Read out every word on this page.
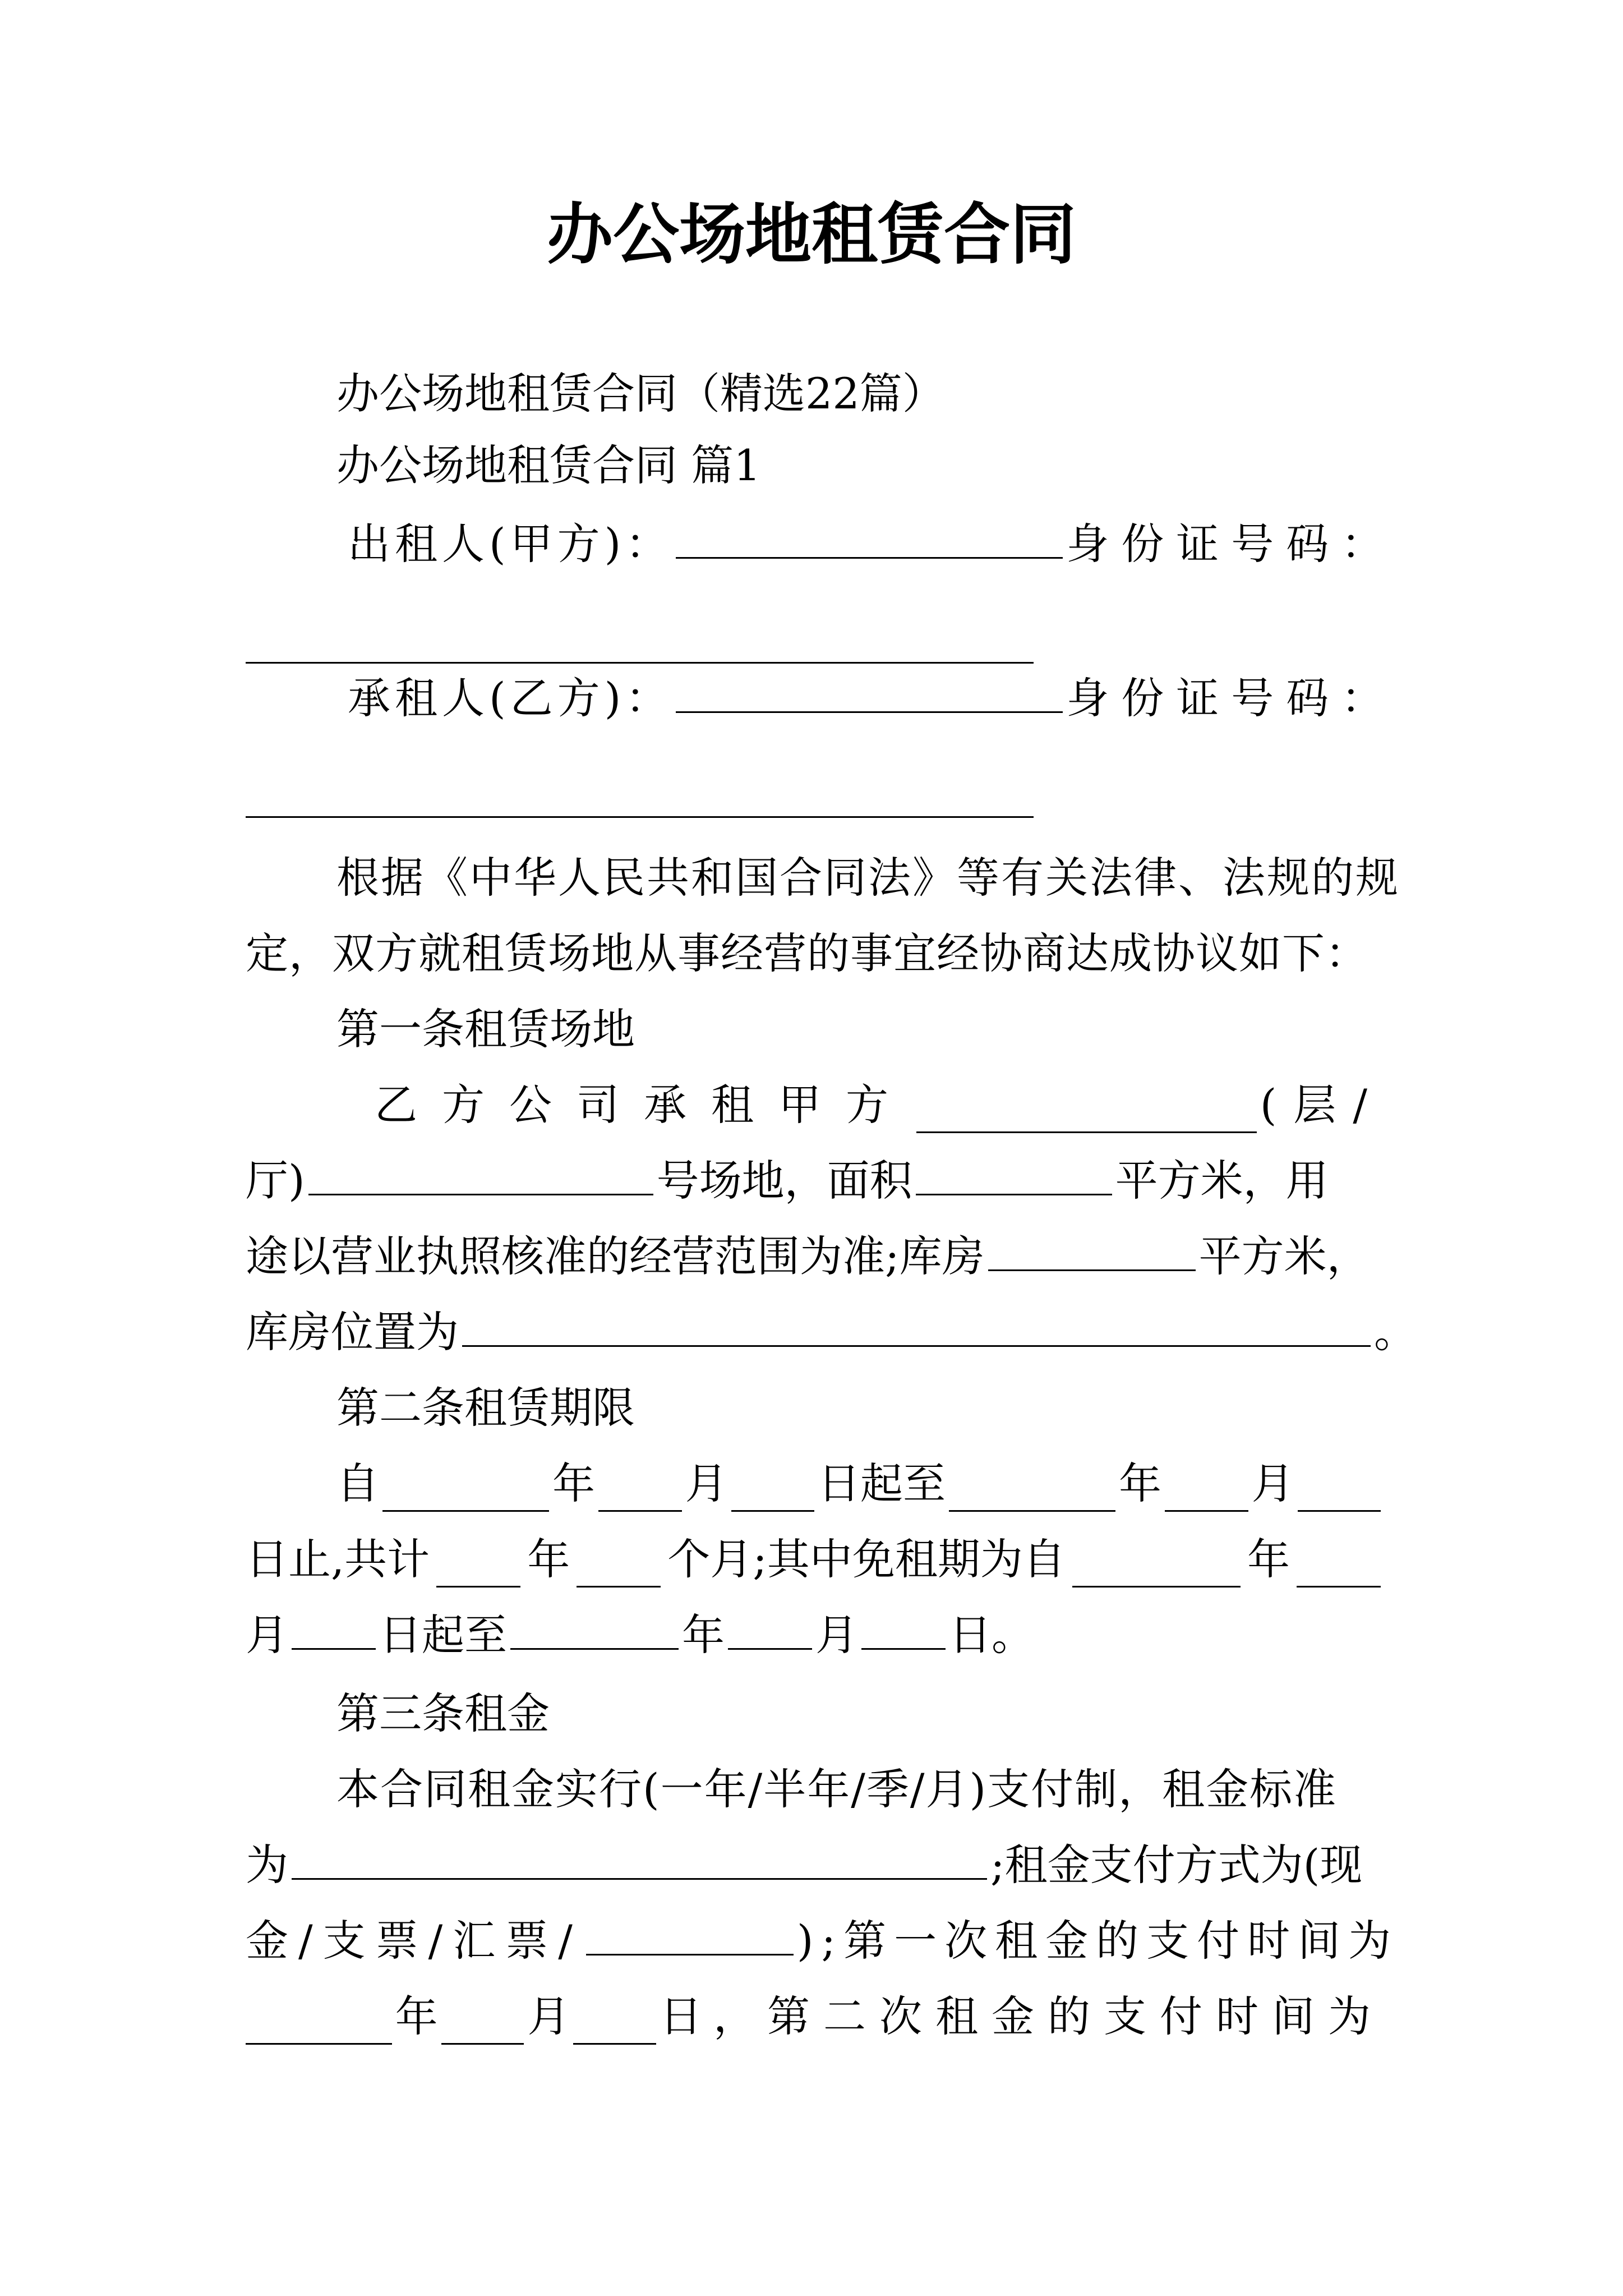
办公场地租赁合同
办公场地租赁合同（精选22篇）
办公场地租赁合同 篇1
出租人(甲方)：	身份证号码：
承租人(乙方)：	身份证号码：
根据《中华人民共和国合同法》等有关法律、法规的规
定，双方就租赁场地从事经营的事宜经协商达成协议如下：
第一条租赁场地
乙方公司承租甲方	(层/
厅)	号场地，面积	平方米，用
途以营业执照核准的经营范围为准;库房	平方米，
库房位置为	。
第二条租赁期限
自	年 月 日起至	年 月
日止,共计 年 个月;其中免租期为自	年
月 日起至	年 月 日。
第三条租金
本合同租金实行(一年/半年/季/月)支付制，租金标准
为	;租金支付方式为(现
金/支票/汇票/	);第一次租金的支付时间为
年 月 日， 第二次租金的支付时间为
